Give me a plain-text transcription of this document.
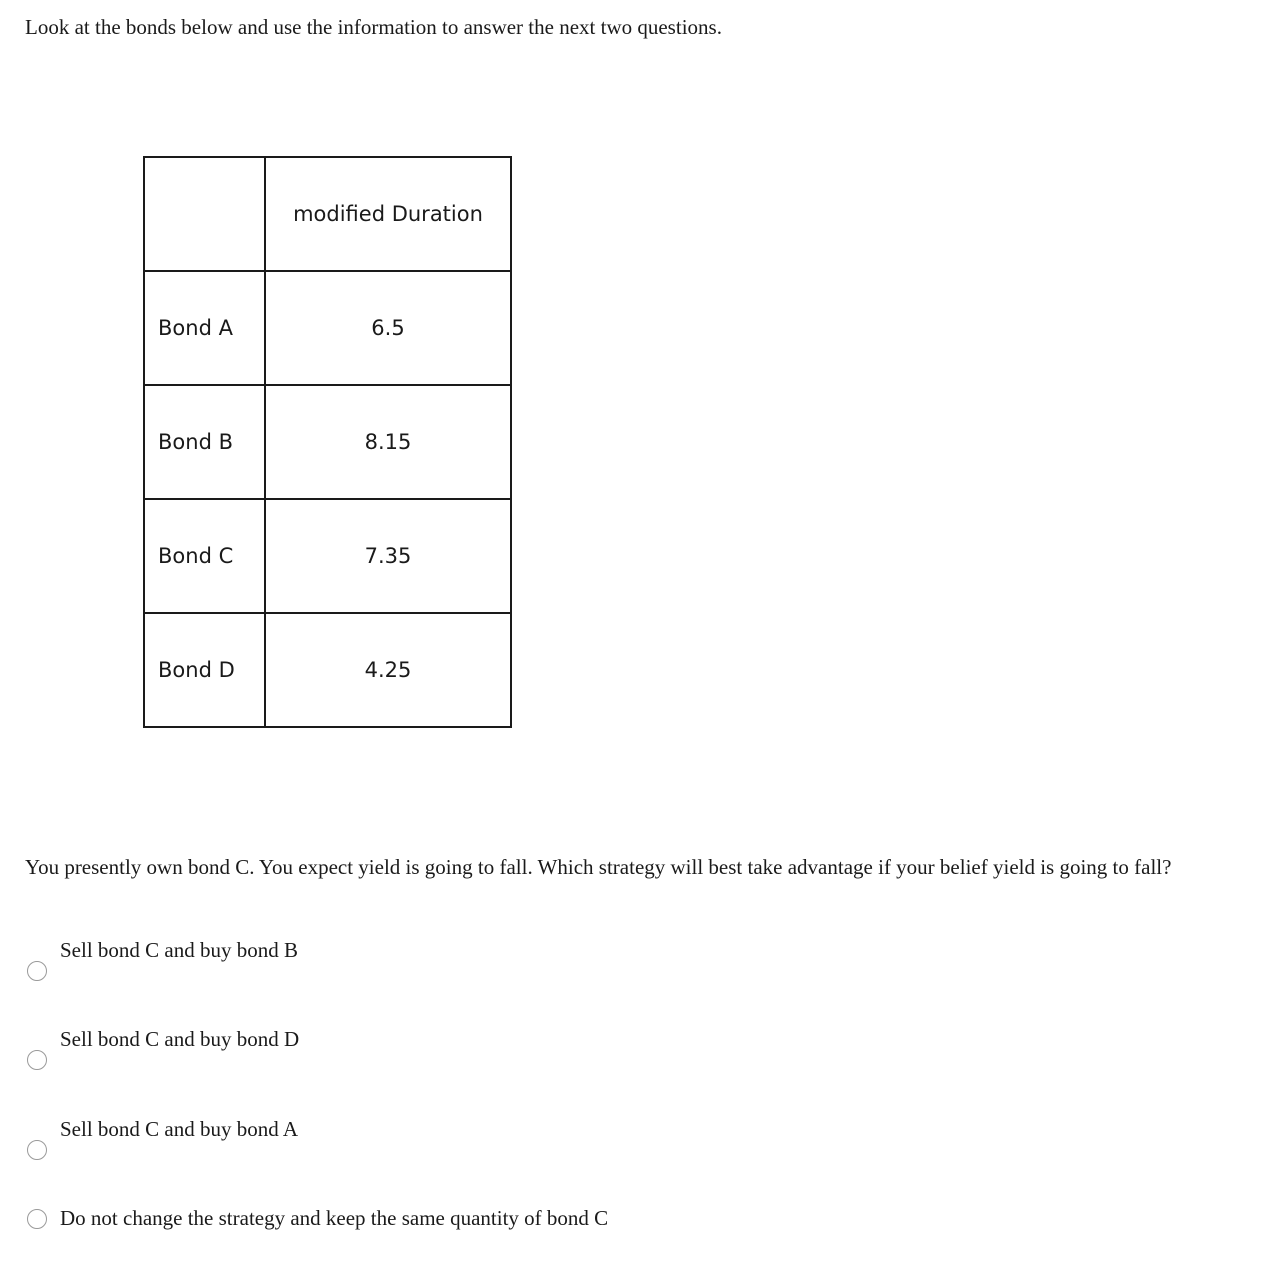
Look at the bonds below and use the information to answer the next two questions.

	modified Duration
Bond A	6.5
Bond B	8.15
Bond C	7.35
Bond D	4.25

You presently own bond C. You expect yield is going to fall. Which strategy will best take advantage if your belief yield is going to fall?

Sell bond C and buy bond B
Sell bond C and buy bond D
Sell bond C and buy bond A
Do not change the strategy and keep the same quantity of bond C
